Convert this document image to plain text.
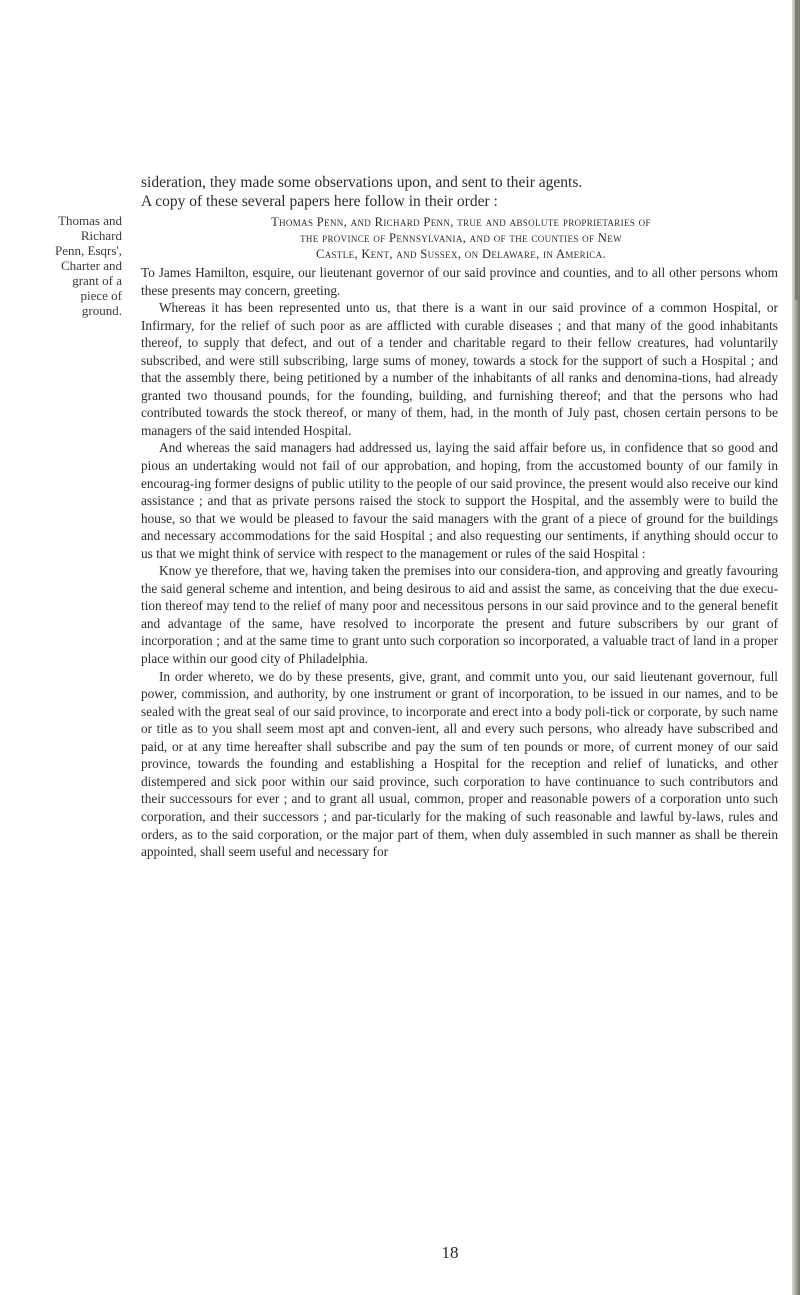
sideration, they made some observations upon, and sent to their agents.
A copy of these several papers here follow in their order :
Thomas and
Richard
Penn, Esqrs',
Charter and
grant of a
piece of
ground.
Thomas Penn, and Richard Penn, true and absolute proprietaries of
the province of Pennsylvania, and of the counties of New
Castle, Kent, and Sussex, on Delaware, in America.

To James Hamilton, esquire, our lieutenant governor of our said province and counties, and to all other persons whom these presents may concern, greeting.

Whereas it has been represented unto us, that there is a want in our said province of a common Hospital, or Infirmary, for the relief of such poor as are afflicted with curable diseases ; and that many of the good inhabitants thereof, to supply that defect, and out of a tender and charitable regard to their fellow creatures, had voluntarily subscribed, and were still subscribing, large sums of money, towards a stock for the support of such a Hospital ; and that the assembly there, being petitioned by a number of the inhabitants of all ranks and denomina-tions, had already granted two thousand pounds, for the founding, building, and furnishing thereof; and that the persons who had contributed towards the stock thereof, or many of them, had, in the month of July past, chosen certain persons to be managers of the said intended Hospital.

And whereas the said managers had addressed us, laying the said affair before us, in confidence that so good and pious an undertaking would not fail of our approbation, and hoping, from the accustomed bounty of our family in encourag-ing former designs of public utility to the people of our said province, the present would also receive our kind assistance ; and that as private persons raised the stock to support the Hospital, and the assembly were to build the house, so that we would be pleased to favour the said managers with the grant of a piece of ground for the buildings and necessary accommodations for the said Hospital ; and also requesting our sentiments, if anything should occur to us that we might think of service with respect to the management or rules of the said Hospital :

Know ye therefore, that we, having taken the premises into our considera-tion, and approving and greatly favouring the said general scheme and intention, and being desirous to aid and assist the same, as conceiving that the due execu-tion thereof may tend to the relief of many poor and necessitous persons in our said province and to the general benefit and advantage of the same, have resolved to incorporate the present and future subscribers by our grant of incorporation ; and at the same time to grant unto such corporation so incorporated, a valuable tract of land in a proper place within our good city of Philadelphia.

In order whereto, we do by these presents, give, grant, and commit unto you, our said lieutenant governour, full power, commission, and authority, by one instrument or grant of incorporation, to be issued in our names, and to be sealed with the great seal of our said province, to incorporate and erect into a body poli-tick or corporate, by such name or title as to you shall seem most apt and conven-ient, all and every such persons, who already have subscribed and paid, or at any time hereafter shall subscribe and pay the sum of ten pounds or more, of current money of our said province, towards the founding and establishing a Hospital for the reception and relief of lunaticks, and other distempered and sick poor within our said province, such corporation to have continuance to such contributors and their successours for ever ; and to grant all usual, common, proper and reasonable powers of a corporation unto such corporation, and their successors ; and par-ticularly for the making of such reasonable and lawful by-laws, rules and orders, as to the said corporation, or the major part of them, when duly assembled in such manner as shall be therein appointed, shall seem useful and necessary for

18
